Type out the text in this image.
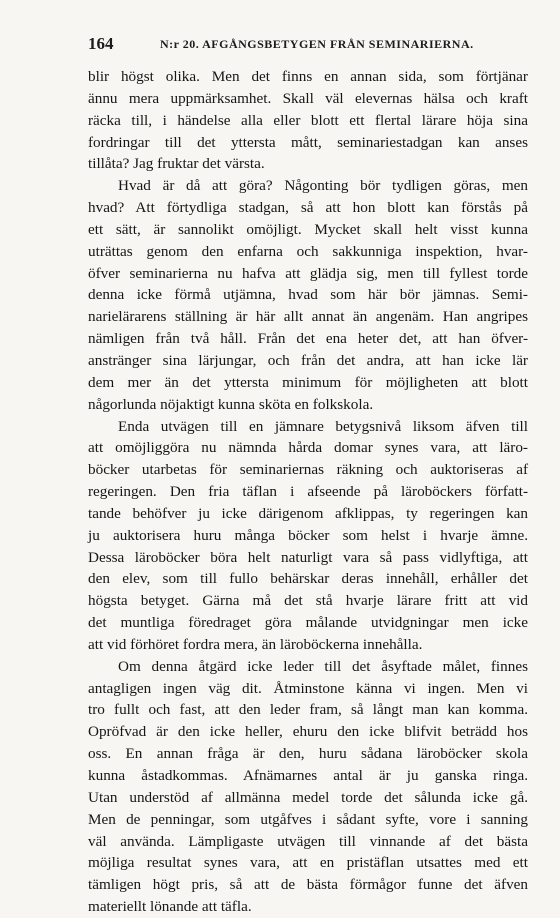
164	N:r 20. AFGÅNGSBETYGEN FRÅN SEMINARIERNA.
blir högst olika. Men det finns en annan sida, som förtjänar
ännu mera uppmärksamhet. Skall väl elevernas hälsa och kraft
räcka till, i händelse alla eller blott ett flertal lärare höja sina
fordringar till det yttersta mått, seminariestadgan kan anses
tillåta? Jag fruktar det värsta.
Hvad är då att göra? Någonting bör tydligen göras, men
hvad? Att förtydliga stadgan, så att hon blott kan förstås på
ett sätt, är sannolikt omöjligt. Mycket skall helt visst kunna
uträttas genom den enfarna och sakkunniga inspektion, hvar-
öfver seminarierna nu hafva att glädja sig, men till fyllest torde
denna icke förmå utjämna, hvad som här bör jämnas. Semi-
narielärarens ställning är här allt annat än angenäm. Han angripes
nämligen från två håll. Från det ena heter det, att han öfver-
anstränger sina lärjungar, och från det andra, att han icke lär
dem mer än det yttersta minimum för möjligheten att blott
någorlunda nöjaktigt kunna sköta en folkskola.
Enda utvägen till en jämnare betygsnivå liksom äfven till
att omöjliggöra nu nämnda hårda domar synes vara, att läro-
böcker utarbetas för seminariernas räkning och auktoriseras af
regeringen. Den fria täflan i afseende på läroböckers författ-
tande behöfver ju icke därigenom afklippas, ty regeringen kan
ju auktorisera huru många böcker som helst i hvarje ämne.
Dessa läroböcker böra helt naturligt vara så pass vidlyftiga, att
den elev, som till fullo behärskar deras innehåll, erhåller det
högsta betyget. Gärna må det stå hvarje lärare fritt att vid
det muntliga föredraget göra målande utvidgningar men icke
att vid förhöret fordra mera, än läroböckerna innehålla.
Om denna åtgärd icke leder till det åsyftade målet, finnes
antagligen ingen väg dit. Åtminstone känna vi ingen. Men vi
tro fullt och fast, att den leder fram, så långt man kan komma.
Opröfvad är den icke heller, ehuru den icke blifvit beträdd hos
oss. En annan fråga är den, huru sådana läroböcker skola
kunna åstadkommas. Afnämarnes antal är ju ganska ringa.
Utan understöd af allmänna medel torde det sålunda icke gå.
Men de penningar, som utgåfves i sådant syfte, vore i sanning
väl använda. Lämpligaste utvägen till vinnande af det bästa
möjliga resultat synes vara, att en pristäflan utsattes med ett
tämligen högt pris, så att de bästa förmågor funne det äfven
materiellt lönande att täfla.
